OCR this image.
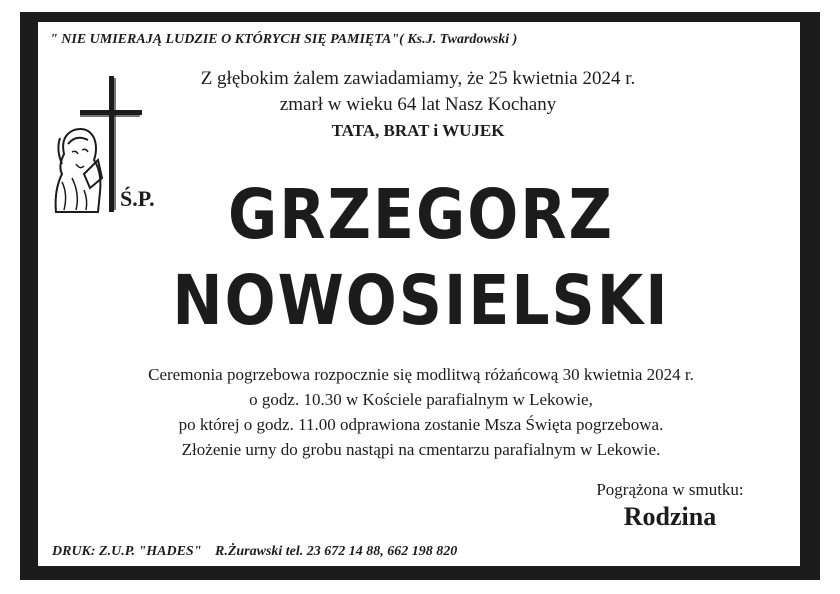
" NIE UMIERAJĄ LUDZIE O KTÓRYCH SIĘ PAMIĘTA"( Ks.J. Twardowski )
Ś.P.
Z głębokim żalem zawiadamiamy, że 25 kwietnia 2024 r.
zmarł w wieku 64 lat Nasz Kochany
TATA, BRAT i WUJEK
GRZEGORZ
NOWOSIELSKI
Ceremonia pogrzebowa rozpocznie się modlitwą różańcową 30 kwietnia 2024 r.
o godz. 10.30 w Kościele parafialnym w Lekowie,
po której o godz. 11.00 odprawiona zostanie Msza Święta pogrzebowa.
Złożenie urny do grobu nastąpi na cmentarzu parafialnym w Lekowie.
Pogrążona w smutku:
Rodzina
DRUK: Z.U.P. "HADES" R.Żurawski tel. 23 672 14 88, 662 198 820
